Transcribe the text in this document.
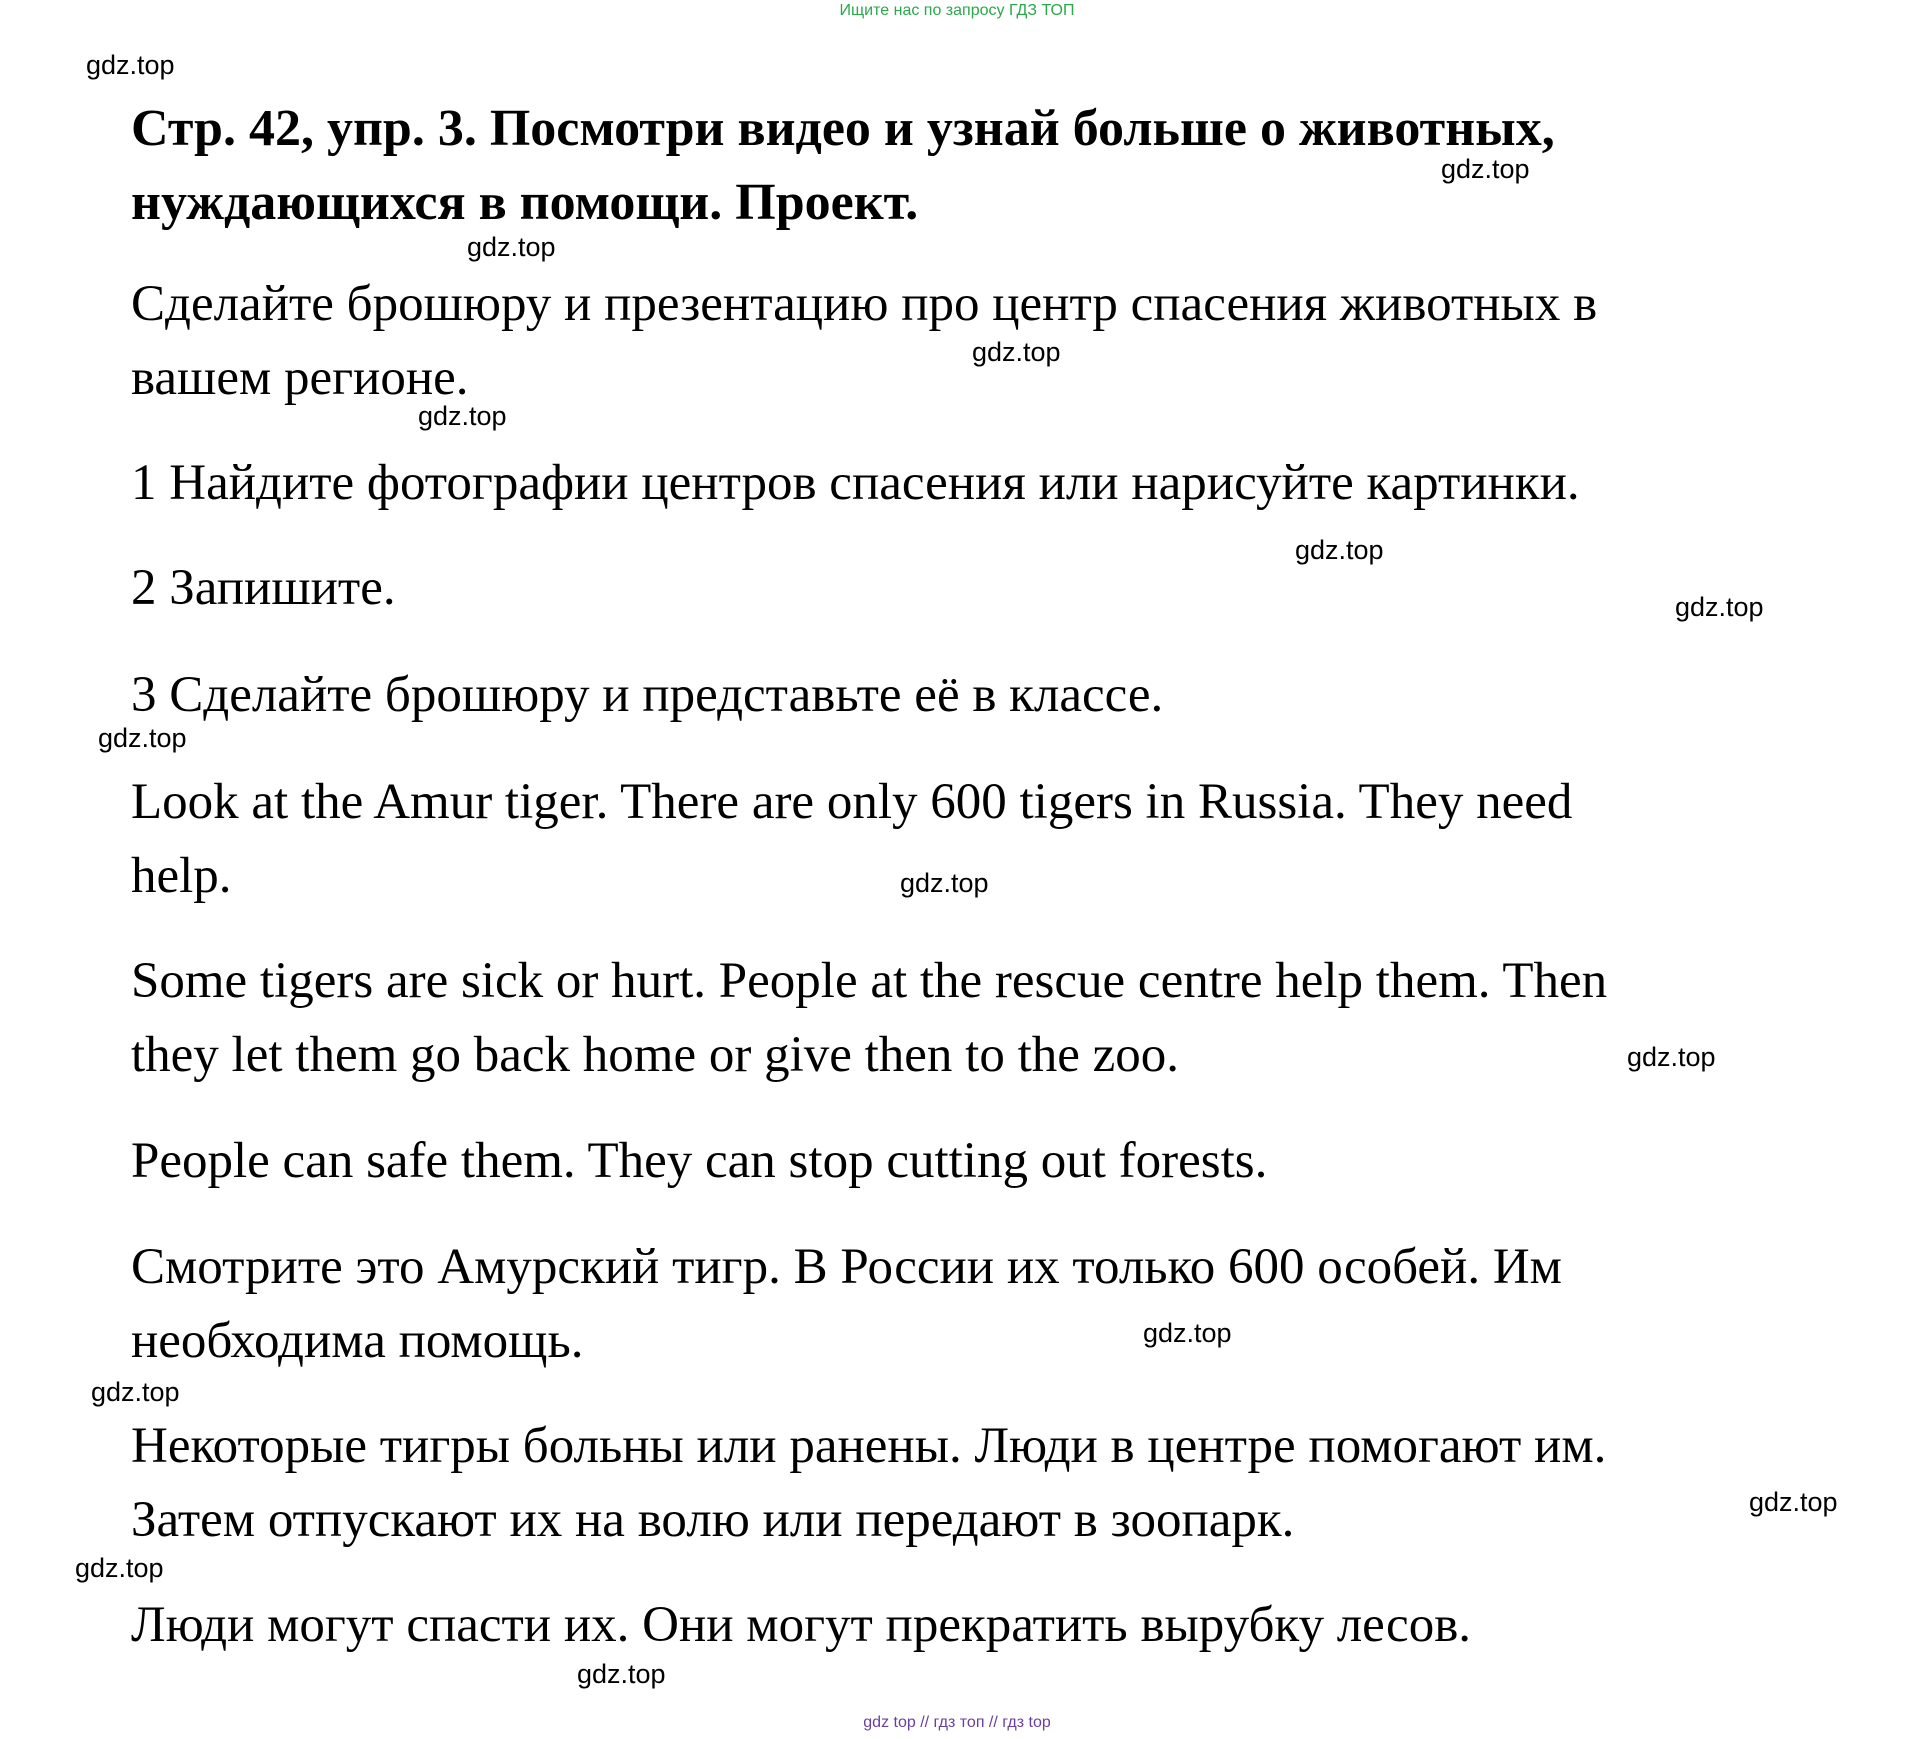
Ищите нас по запросу ГДЗ ТОП
Стр. 42, упр. 3. Посмотри видео и узнай больше о животных,
нуждающихся в помощи. Проект.

Сделайте брошюру и презентацию про центр спасения животных в

вашем регионе.

1 Найдите фотографии центров спасения или нарисуйте картинки.

2 Запишите.

3 Сделайте брошюру и представьте её в классе.

Look at the Amur tiger. There are only 600 tigers in Russia. They need

help.

Some tigers are sick or hurt. People at the rescue centre help them. Then

they let them go back home or give then to the zoo.

People can safe them. They can stop cutting out forests.

Смотрите это Амурский тигр. В России их только 600 особей. Им

необходима помощь.

Некоторые тигры больны или ранены. Люди в центре помогают им.

Затем отпускают их на волю или передают в зоопарк.

Люди могут спасти их. Они могут прекратить вырубку лесов.

gdz.top
gdz.top
gdz.top
gdz.top
gdz.top
gdz.top
gdz.top
gdz.top
gdz.top
gdz.top
gdz.top
gdz.top
gdz.top
gdz.top
gdz.top
gdz top // гдз топ // гдз top
